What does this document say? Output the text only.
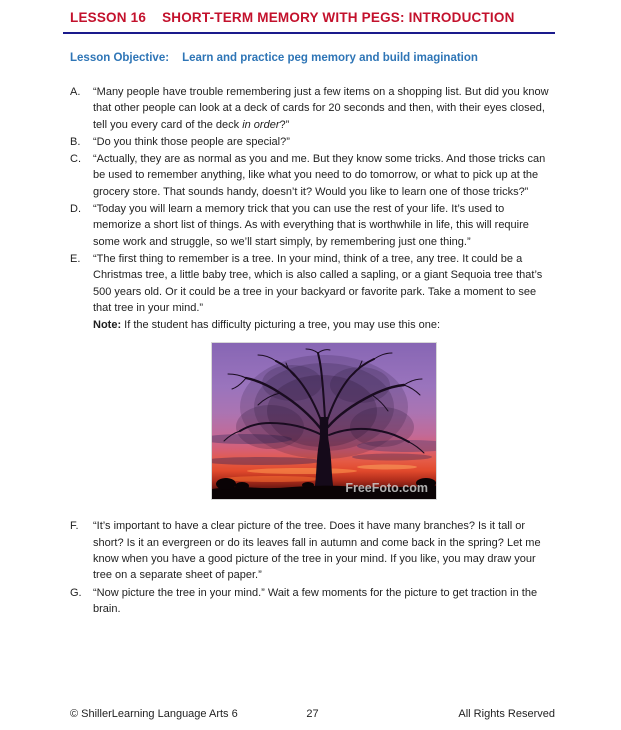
LESSON 16 SHORT-TERM MEMORY WITH PEGS: INTRODUCTION
Lesson Objective: Learn and practice peg memory and build imagination
A.	“Many people have trouble remembering just a few items on a shopping list. But did you know that other people can look at a deck of cards for 20 seconds and then, with their eyes closed, tell you every card of the deck in order?”
B.	“Do you think those people are special?”
C.	“Actually, they are as normal as you and me. But they know some tricks. And those tricks can be used to remember anything, like what you need to do tomorrow, or what to pick up at the grocery store. That sounds handy, doesn’t it? Would you like to learn one of those tricks?”
D.	“Today you will learn a memory trick that you can use the rest of your life. It’s used to memorize a short list of things. As with everything that is worthwhile in life, this will require some work and struggle, so we’ll start simply, by remembering just one thing.”
E.	“The first thing to remember is a tree. In your mind, think of a tree, any tree. It could be a Christmas tree, a little baby tree, which is also called a sapling, or a giant Sequoia tree that’s 500 years old. Or it could be a tree in your backyard or favorite park. Take a moment to see that tree in your mind.”
Note: If the student has difficulty picturing a tree, you may use this one:
FreeFoto.com
F.	“It’s important to have a clear picture of the tree. Does it have many branches? Is it tall or short? Is it an evergreen or do its leaves fall in autumn and come back in the spring? Let me know when you have a good picture of the tree in your mind. If you like, you may draw your tree on a separate sheet of paper.”
G.	“Now picture the tree in your mind.” Wait a few moments for the picture to get traction in the brain.
© ShillerLearning Language Arts 6	27	All Rights Reserved
